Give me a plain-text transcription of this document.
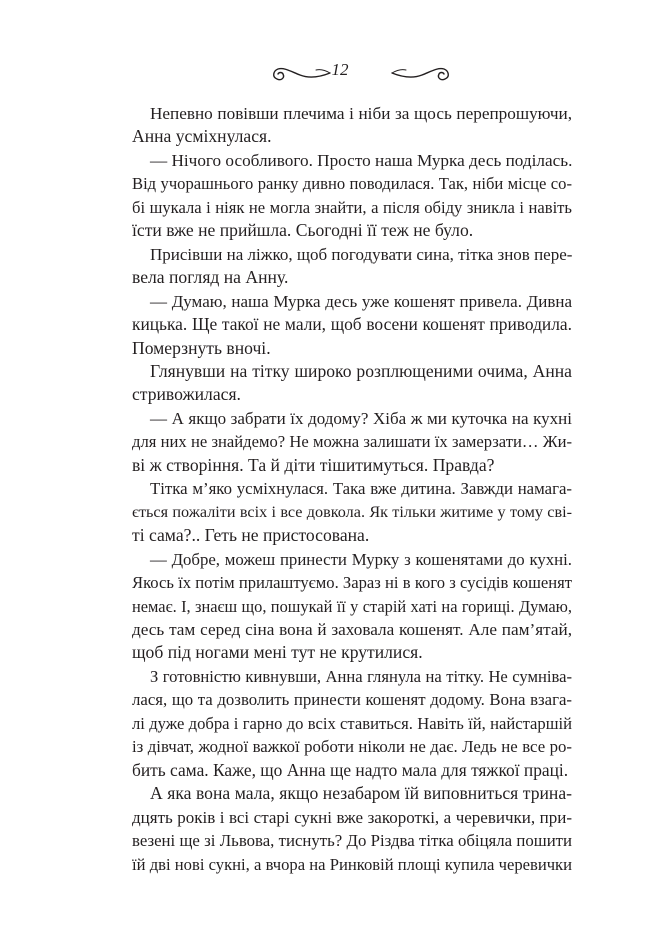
12
Непевно повівши плечима і ніби за щось перепрошуючи,
Анна усміхнулася.
— Нічого особливого. Просто наша Мурка десь поділась.
Від учорашнього ранку дивно поводилася. Так, ніби місце со-
бі шукала і ніяк не могла знайти, а після обіду зникла і навіть
їсти вже не прийшла. Сьогодні її теж не було.
Присівши на ліжко, щоб погодувати сина, тітка знов пере-
вела погляд на Анну.
— Думаю, наша Мурка десь уже кошенят привела. Дивна
кицька. Ще такої не мали, щоб восени кошенят приводила.
Померзнуть вночі.
Глянувши на тітку широко розплющеними очима, Анна
стривожилася.
— А якщо забрати їх додому? Хіба ж ми куточка на кухні
для них не знайдемо? Не можна залишати їх замерзати… Жи-
ві ж створіння. Та й діти тішитимуться. Правда?
Тітка м’яко усміхнулася. Така вже дитина. Завжди намага-
ється пожаліти всіх і все довкола. Як тільки житиме у тому сві-
ті сама?.. Геть не пристосована.
— Добре, можеш принести Мурку з кошенятами до кухні.
Якось їх потім прилаштуємо. Зараз ні в кого з сусідів кошенят
немає. І, знаєш що, пошукай її у старій хаті на горищі. Думаю,
десь там серед сіна вона й заховала кошенят. Але пам’ятай,
щоб під ногами мені тут не крутилися.
З готовністю кивнувши, Анна глянула на тітку. Не сумніва-
лася, що та дозволить принести кошенят додому. Вона взага-
лі дуже добра і гарно до всіх ставиться. Навіть їй, найстаршій
із дівчат, жодної важкої роботи ніколи не дає. Ледь не все ро-
бить сама. Каже, що Анна ще надто мала для тяжкої праці.
А яка вона мала, якщо незабаром їй виповниться трина-
дцять років і всі старі сукні вже закороткі, а черевички, при-
везені ще зі Львова, тиснуть? До Різдва тітка обіцяла пошити
їй дві нові сукні, а вчора на Ринковій площі купила черевички
